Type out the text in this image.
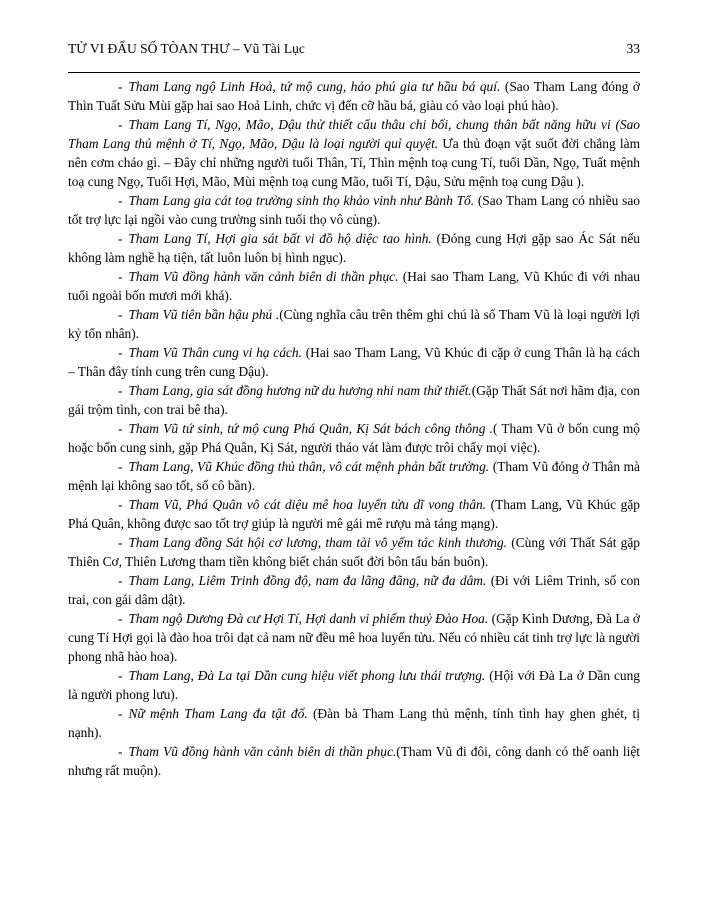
TỬ VI ĐẨU SỐ TÒAN THƯ – Vũ Tài Lục	33

- Tham Lang ngộ Linh Hoả, tứ mộ cung, hảo phú gia tư hầu bá quí. (Sao Tham Lang đóng ở Thìn Tuất Sửu Mùi gặp hai sao Hoả Linh, chức vị đến cỡ hầu bá, giàu có vào loại phú hào).

- Tham Lang Tí, Ngọ, Mão, Dậu thử thiết cẩu thâu chi bối, chung thân bất năng hữu vi (Sao Tham Lang thủ mệnh ở Tí, Ngọ, Mão, Dậu là loại người quỉ quyệt. Ưa thủ đoạn vặt suốt đời chẳng làm nên cơm cháo gì. – Đây chỉ những người tuổi Thân, Tí, Thìn mệnh toạ cung Tí, tuổi Dần, Ngọ, Tuất mệnh toạ cung Ngọ, Tuổi Hợi, Mão, Mùi mệnh toạ cung Mão, tuổi Tí, Dậu, Sửu mệnh toạ cung Dậu ).

- Tham Lang gia cát toạ trường sinh thọ khảo vinh như Bành Tổ. (Sao Tham Lang có nhiều sao tốt trợ lực lại ngồi vào cung trường sinh tuổi thọ vô cùng).

- Tham Lang Tí, Hợi gia sát bất vi đồ hộ diệc tao hình. (Đóng cung Hợi gặp sao Ác Sát nếu không làm nghề hạ tiện, tất luôn luôn bị hình ngục).

- Tham Vũ đồng hành văn cảnh biên di thần phục. (Hai sao Tham Lang, Vũ Khúc đi với nhau tuổi ngoài bốn mươi mới khá).

- Tham Vũ tiên bần hậu phú .(Cùng nghĩa câu trên thêm ghi chú là số Tham Vũ là loại người lợi kỷ tổn nhân).

- Tham Vũ Thân cung vi hạ cách. (Hai sao Tham Lang, Vũ Khúc đi cặp ở cung Thân là hạ cách – Thân đây tính cung trên cung Dậu).

- Tham Lang, gia sát đồng hương nữ du hương nhi nam thử thiết.(Gặp Thất Sát nơi hãm địa, con gái trộm tình, con trai bê tha).

- Tham Vũ tứ sinh, tứ mộ cung Phá Quân, Kị Sát bách công thông .( Tham Vũ ở bốn cung mộ hoặc bốn cung sinh, gặp Phá Quân, Kị Sát, người tháo vát làm được trôi chẩy mọi việc).

- Tham Lang, Vũ Khúc đồng thủ thân, vô cát mệnh phản bất trường. (Tham Vũ đóng ở Thân mà mệnh lại không sao tốt, số cô bần).

- Tham Vũ, Phá Quân vô cát diệu mê hoa luyến tửu dĩ vong thân. (Tham Lang, Vũ Khúc gặp Phá Quân, không được sao tốt trợ giúp là người mê gái mê rượu mà táng mạng).

- Tham Lang đồng Sát hội cơ lương, tham tài vô yếm tác kinh thương. (Cùng với Thất Sát gặp Thiên Cơ, Thiên Lương tham tiền không biết chán suốt đời bôn tẩu bán buôn).

- Tham Lang, Liêm Trinh đồng độ, nam đa lãng đãng, nữ đa dâm. (Đi với Liêm Trinh, số con trai, con gái dâm dật).

- Tham ngộ Dương Đà cư Hợi Tí, Hợi danh vi phiếm thuỷ Đào Hoa. (Gặp Kình Dương, Đà La ở cung Tí Hợi gọi là đào hoa trôi dạt cả nam nữ đều mê hoa luyến tửu. Nếu có nhiều cát tinh trợ lực là người phong nhã hào hoa).

- Tham Lang, Đà La tại Dần cung hiệu viết phong lưu thái trượng. (Hội với Đà La ở Dần cung là người phong lưu).

- Nữ mệnh Tham Lang đa tật đố. (Đàn bà Tham Lang thủ mệnh, tính tình hay ghen ghét, tị nạnh).

- Tham Vũ đồng hành văn cảnh biên di thần phục.(Tham Vũ đi đôi, công danh có thể oanh liệt nhưng rất muộn).
